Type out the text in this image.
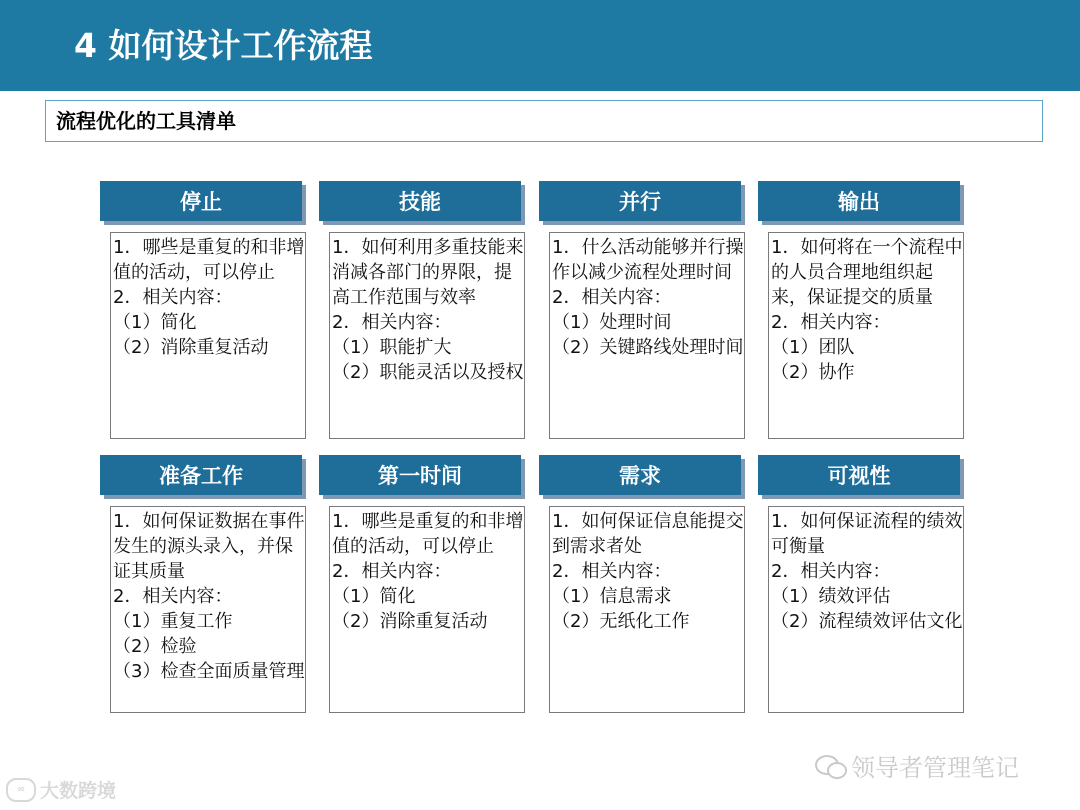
4 如何设计工作流程
流程优化的工具清单
停止

1．哪些是重复的和非增值的活动，可以停止

2．相关内容：

（1）简化

（2）消除重复活动

技能

1．如何利用多重技能来消减各部门的界限，提高工作范围与效率

2．相关内容：

（1）职能扩大

（2）职能灵活以及授权

并行

1．什么活动能够并行操作以减少流程处理时间

2．相关内容：

（1）处理时间

（2）关键路线处理时间

输出

1．如何将在一个流程中的人员合理地组织起来，保证提交的质量

2．相关内容：

（1）团队

（2）协作

准备工作

1．如何保证数据在事件发生的源头录入，并保证其质量

2．相关内容：

（1）重复工作

（2）检验

（3）检查全面质量管理

第一时间

1．哪些是重复的和非增值的活动，可以停止

2．相关内容：

（1）简化

（2）消除重复活动

需求

1．如何保证信息能提交到需求者处

2．相关内容：

（1）信息需求

（2）无纸化工作

可视性

1．如何保证流程的绩效可衡量

2．相关内容：

（1）绩效评估

（2）流程绩效评估文化

∞ 大数跨境
领导者管理笔记
